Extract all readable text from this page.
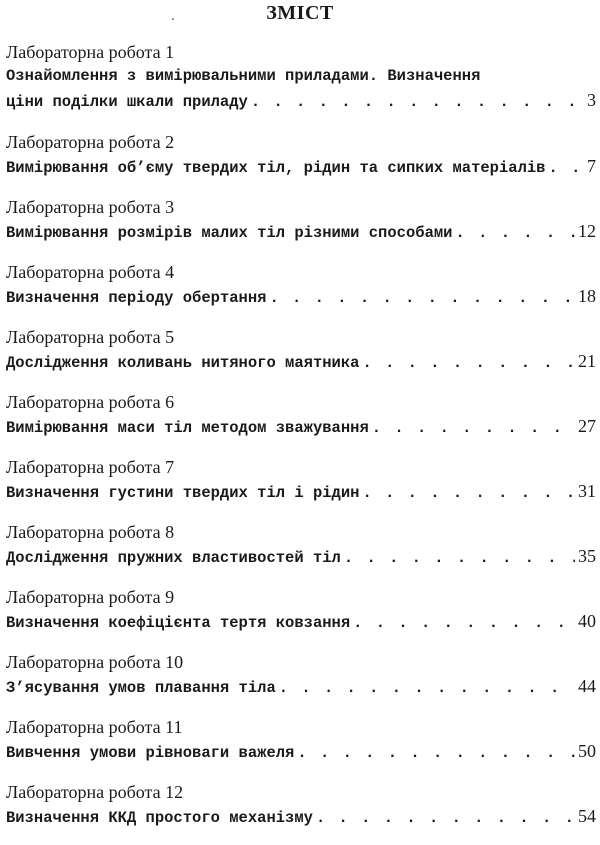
ЗМІСТ
Лабораторна робота 1
Ознайомлення з вимірювальними приладами. Визначення
ціни поділки шкали приладу . . .	3
Лабораторна робота 2
Вимірювання об’єму твердих тіл, рідин та сипких матеріалів . . . 7
Лабораторна робота 3
Вимірювання розмірів малих тіл різними способами . . .	12
Лабораторна робота 4
Визначення періоду обертання . . .	18
Лабораторна робота 5
Дослідження коливань нитяного маятника . . .	21
Лабораторна робота 6
Вимірювання маси тіл методом зважування . . .	27
Лабораторна робота 7
Визначення густини твердих тіл і рідин . . .	31
Лабораторна робота 8
Дослідження пружних властивостей тіл . . .	35
Лабораторна робота 9
Визначення коефіцієнта тертя ковзання . . .	40
Лабораторна робота 10
З’ясування умов плавання тіла . . .	44
Лабораторна робота 11
Вивчення умови рівноваги важеля . . .	50
Лабораторна робота 12
Визначення ККД простого механізму . . .	54
